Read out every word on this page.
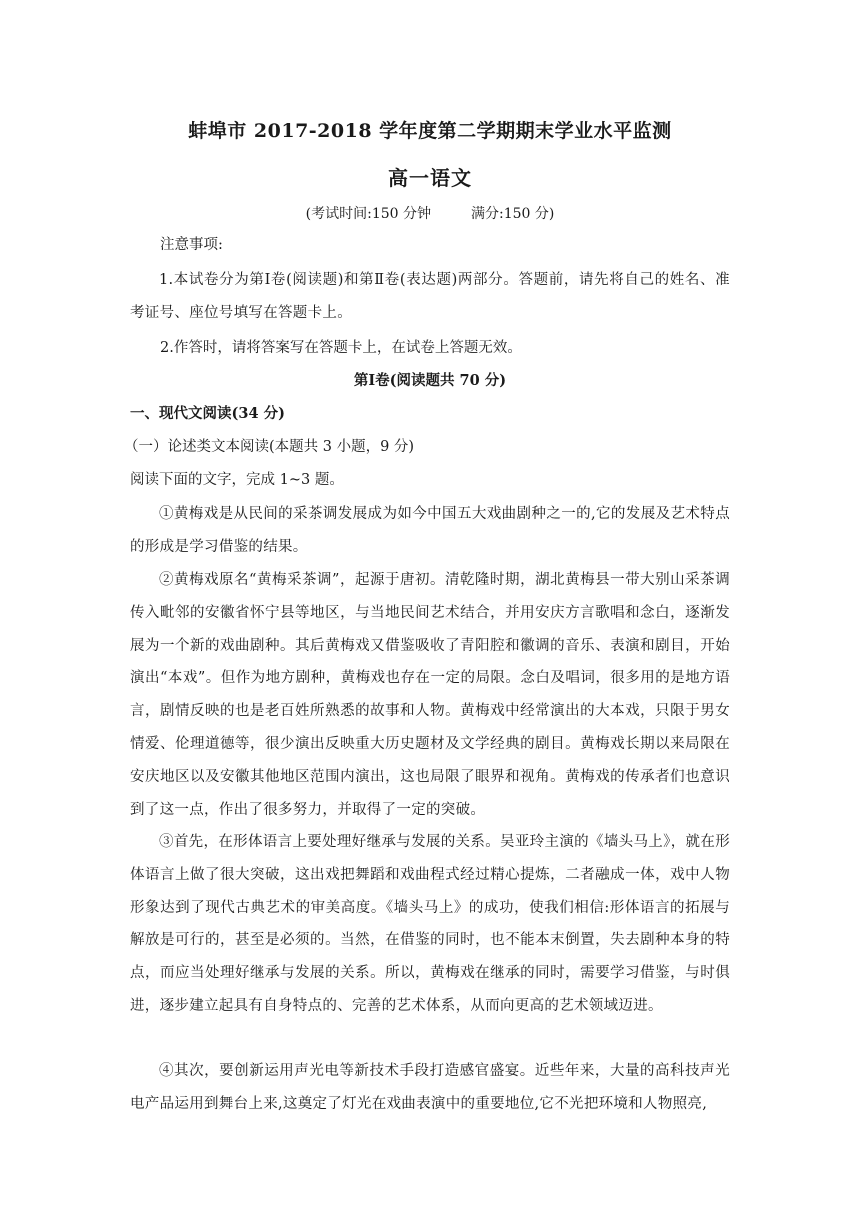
蚌埠市 2017-2018 学年度第二学期期末学业水平监测
高一语文
(考试时间:150 分钟	满分:150 分)
注意事项:

1.本试卷分为第Ⅰ卷(阅读题)和第Ⅱ卷(表达题)两部分。答题前，请先将自己的姓名、准考证号、座位号填写在答题卡上。

2.作答时，请将答案写在答题卡上，在试卷上答题无效。
第Ⅰ卷(阅读题共 70 分)
一、现代文阅读(34 分)
（一）论述类文本阅读(本题共 3 小题，9 分)
阅读下面的文字，完成 1~3 题。

①黄梅戏是从民间的采茶调发展成为如今中国五大戏曲剧种之一的,它的发展及艺术特点的形成是学习借鉴的结果。

②黄梅戏原名“黄梅采茶调”，起源于唐初。清乾隆时期，湖北黄梅县一带大别山采茶调传入毗邻的安徽省怀宁县等地区，与当地民间艺术结合，并用安庆方言歌唱和念白，逐渐发展为一个新的戏曲剧种。其后黄梅戏又借鉴吸收了青阳腔和徽调的音乐、表演和剧目，开始演出“本戏”。但作为地方剧种，黄梅戏也存在一定的局限。念白及唱词，很多用的是地方语言，剧情反映的也是老百姓所熟悉的故事和人物。黄梅戏中经常演出的大本戏，只限于男女情爱、伦理道德等，很少演出反映重大历史题材及文学经典的剧目。黄梅戏长期以来局限在安庆地区以及安徽其他地区范围内演出，这也局限了眼界和视角。黄梅戏的传承者们也意识到了这一点，作出了很多努力，并取得了一定的突破。

③首先，在形体语言上要处理好继承与发展的关系。吴亚玲主演的《墙头马上》，就在形体语言上做了很大突破，这出戏把舞蹈和戏曲程式经过精心提炼，二者融成一体，戏中人物形象达到了现代古典艺术的审美高度。《墙头马上》的成功，使我们相信:形体语言的拓展与解放是可行的，甚至是必须的。当然，在借鉴的同时，也不能本末倒置，失去剧种本身的特点，而应当处理好继承与发展的关系。所以，黄梅戏在继承的同时，需要学习借鉴，与时俱进，逐步建立起具有自身特点的、完善的艺术体系，从而向更高的艺术领域迈进。

④其次，要创新运用声光电等新技术手段打造感官盛宴。近些年来，大量的高科技声光电产品运用到舞台上来,这奠定了灯光在戏曲表演中的重要地位,它不光把环境和人物照亮,
